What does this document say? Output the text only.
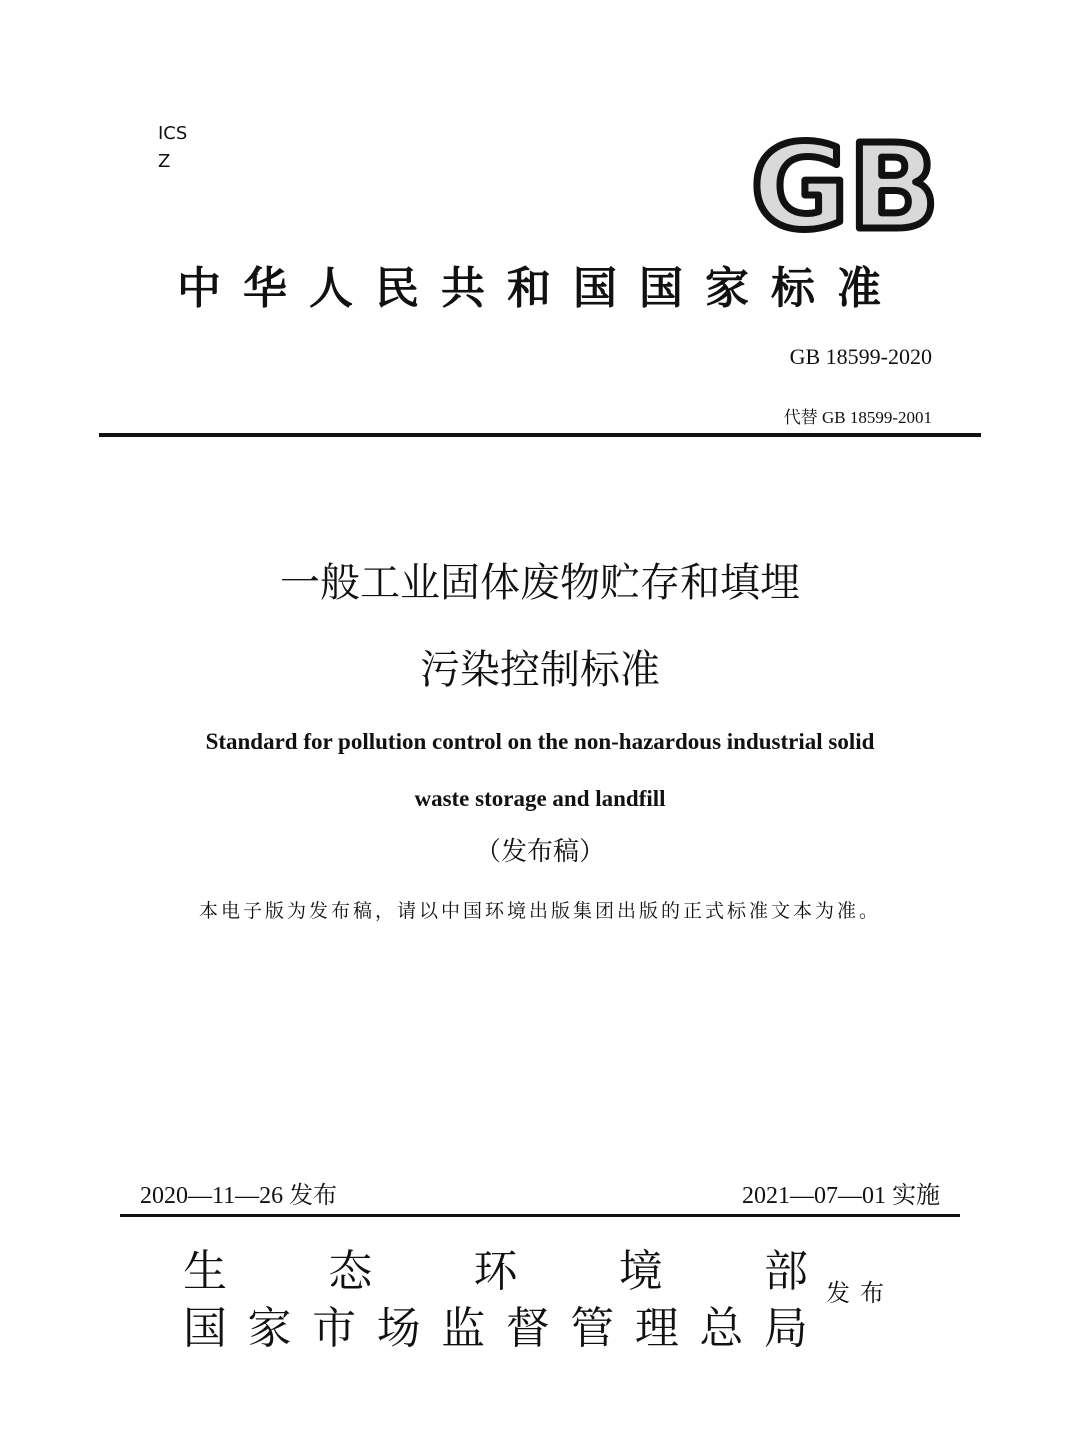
ICS
Z	GB
中华人民共和国国家标准
GB 18599-2020
代替 GB 18599-2001
一般工业固体废物贮存和填埋
污染控制标准
Standard for pollution control on the non-hazardous industrial solid
waste storage and landfill
（发布稿）
本电子版为发布稿，请以中国环境出版集团出版的正式标准文本为准。
2020—11—26 发布	2021—07—01 实施
生 态 环 境 部
国 家 市 场 监 督 管 理 总 局
发布
